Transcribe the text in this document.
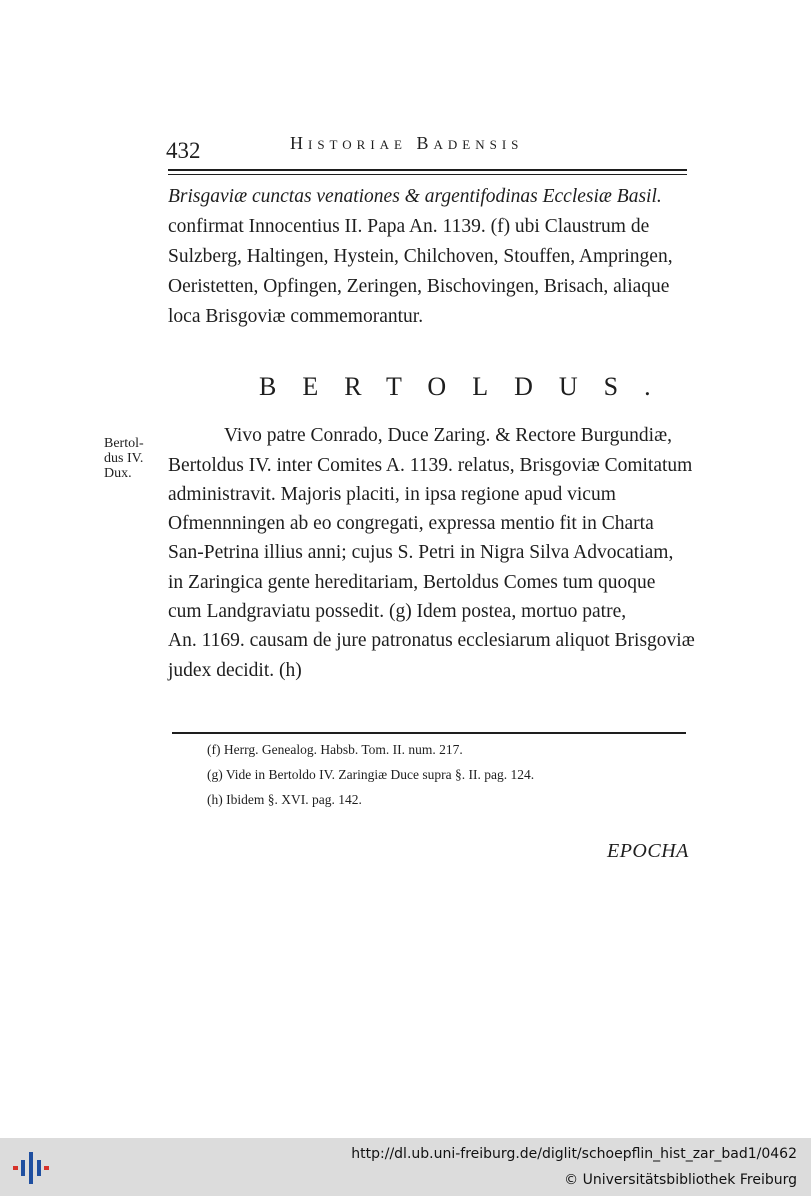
432	Historiae Badensis
Brisgaviæ cunctas venationes & argentifodinas Ecclesiæ Basil.
confirmat Innocentius II. Papa An. 1139. (f) ubi Claustrum de
Sulzberg, Haltingen, Hystein, Chilchoven, Stouffen, Ampringen,
Oeristetten, Opfingen, Zeringen, Bischovingen, Brisach, aliaque
loca Brisgoviæ commemorantur.
BERTOLDUS.
Bertol-
dus IV.
Dux.
Vivo patre Conrado, Duce Zaring. & Rectore Burgundiæ,
Bertoldus IV. inter Comites A. 1139. relatus, Brisgoviæ Comitatum
administravit. Majoris placiti, in ipsa regione apud vicum
Ofmennningen ab eo congregati, expressa mentio fit in Charta
San-Petrina illius anni; cujus S. Petri in Nigra Silva Advocatiam,
in Zaringica gente hereditariam, Bertoldus Comes tum quoque
cum Landgraviatu possedit. (g) Idem postea, mortuo patre,
An. 1169. causam de jure patronatus ecclesiarum aliquot Brisgoviæ
judex decidit. (h)
(f) Herrg. Genealog. Habsb. Tom. II. num. 217.
(g) Vide in Bertoldo IV. Zaringiæ Duce supra §. II. pag. 124.
(h) Ibidem §. XVI. pag. 142.
EPOCHA
http://dl.ub.uni-freiburg.de/diglit/schoepflin_hist_zar_bad1/0462
© Universitätsbibliothek Freiburg
